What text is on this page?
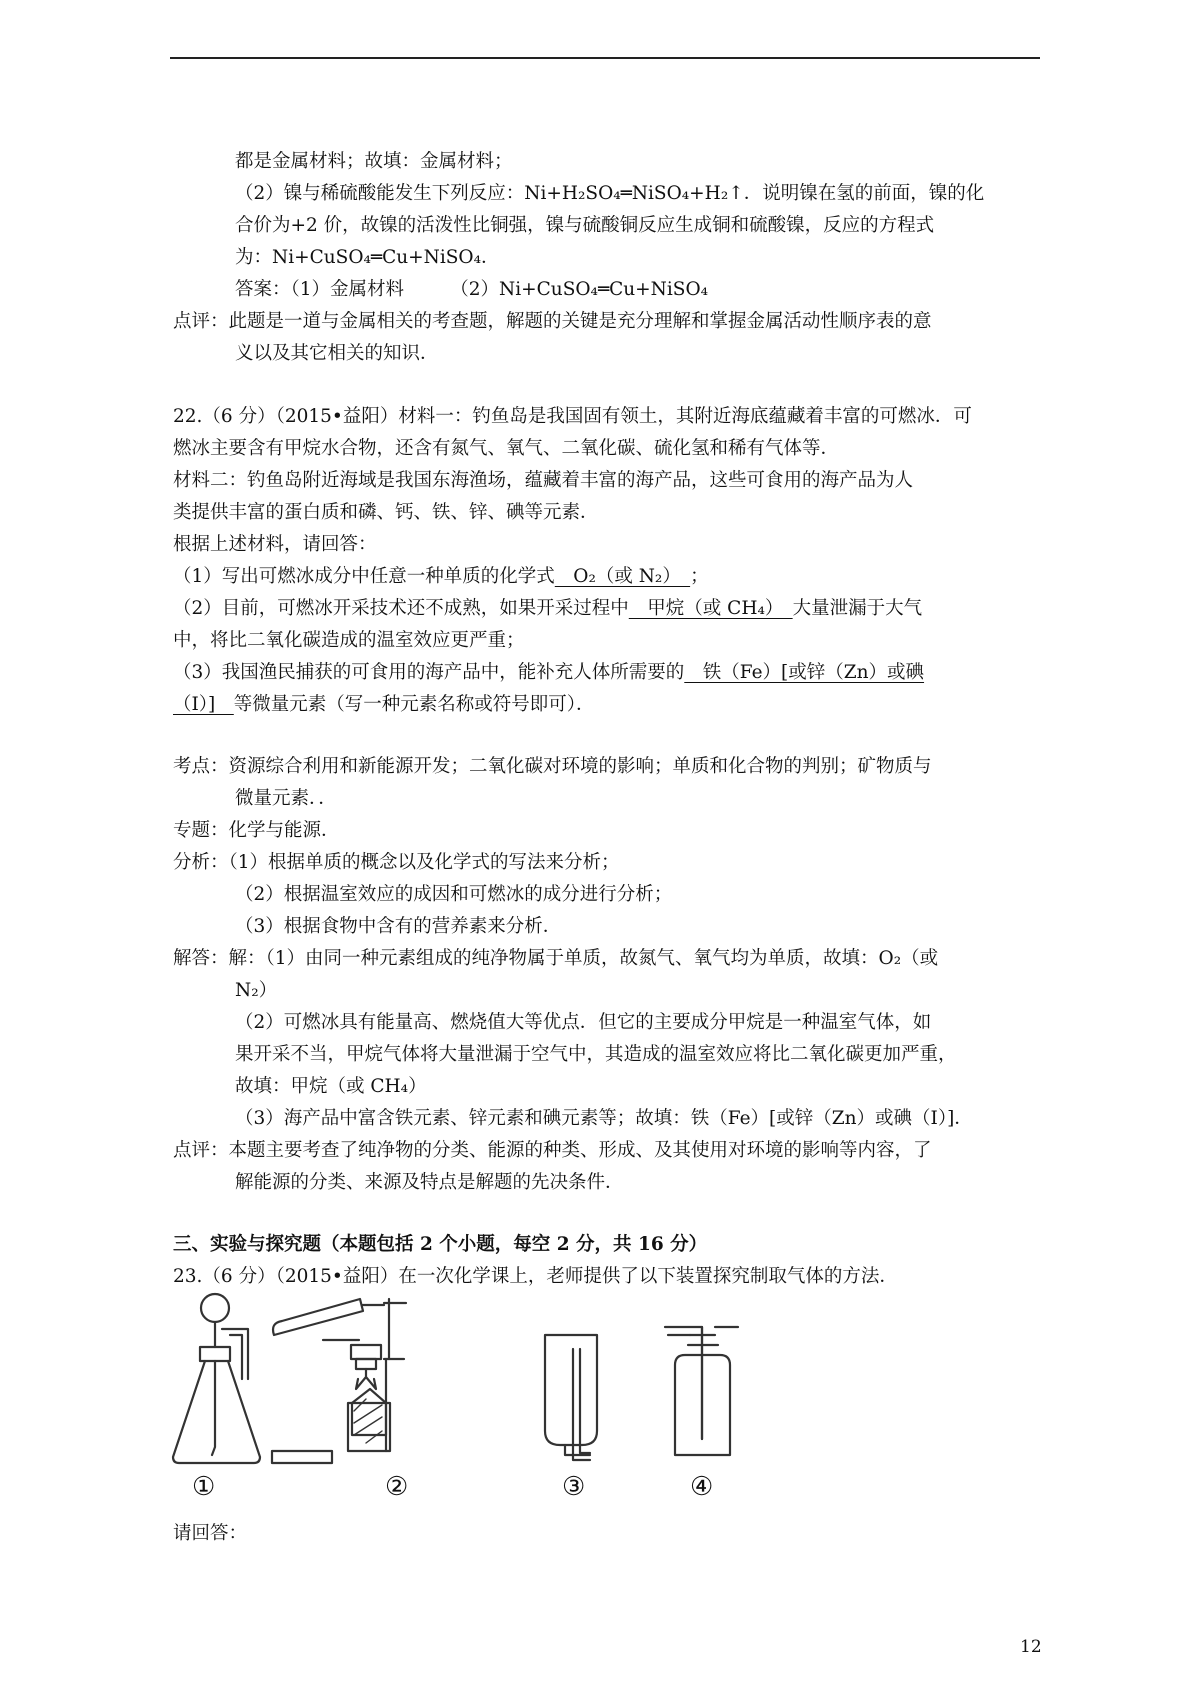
都是金属材料；故填：金属材料；
（2）镍与稀硫酸能发生下列反应：Ni+H₂SO₄═NiSO₄+H₂↑．说明镍在氢的前面，镍的化
合价为+2 价，故镍的活泼性比铜强，镍与硫酸铜反应生成铜和硫酸镍，反应的方程式
为：Ni+CuSO₄═Cu+NiSO₄．
答案：（1）金属材料　　　（2）Ni+CuSO₄═Cu+NiSO₄
点评：此题是一道与金属相关的考查题，解题的关键是充分理解和掌握金属活动性顺序表的意
义以及其它相关的知识．
22.（6 分）（2015•益阳）材料一：钓鱼岛是我国固有领土，其附近海底蕴藏着丰富的可燃冰．可
燃冰主要含有甲烷水合物，还含有氮气、氧气、二氧化碳、硫化氢和稀有气体等．
材料二：钓鱼岛附近海域是我国东海渔场，蕴藏着丰富的海产品，这些可食用的海产品为人
类提供丰富的蛋白质和磷、钙、铁、锌、碘等元素．
根据上述材料，请回答：
（1）写出可燃冰成分中任意一种单质的化学式　O₂（或 N₂）　；
（2）目前，可燃冰开采技术还不成熟，如果开采过程中　甲烷（或 CH₄）　大量泄漏于大气
中，将比二氧化碳造成的温室效应更严重；
（3）我国渔民捕获的可食用的海产品中，能补充人体所需要的　铁（Fe）[或锌（Zn）或碘
（I）]　等微量元素（写一种元素名称或符号即可）．
考点：资源综合利用和新能源开发；二氧化碳对环境的影响；单质和化合物的判别；矿物质与
微量元素．．
专题：化学与能源．
分析：（1）根据单质的概念以及化学式的写法来分析；
（2）根据温室效应的成因和可燃冰的成分进行分析；
（3）根据食物中含有的营养素来分析．
解答：解：（1）由同一种元素组成的纯净物属于单质，故氮气、氧气均为单质，故填：O₂（或
N₂）
（2）可燃冰具有能量高、燃烧值大等优点．但它的主要成分甲烷是一种温室气体，如
果开采不当，甲烷气体将大量泄漏于空气中，其造成的温室效应将比二氧化碳更加严重，
故填：甲烷（或 CH₄）
（3）海产品中富含铁元素、锌元素和碘元素等；故填：铁（Fe）[或锌（Zn）或碘（I）]．
点评：本题主要考查了纯净物的分类、能源的种类、形成、及其使用对环境的影响等内容，了
解能源的分类、来源及特点是解题的先决条件．
三、实验与探究题（本题包括 2 个小题，每空 2 分，共 16 分）
23.（6 分）（2015•益阳）在一次化学课上，老师提供了以下装置探究制取气体的方法．
①	②	③	④
请回答：
12
